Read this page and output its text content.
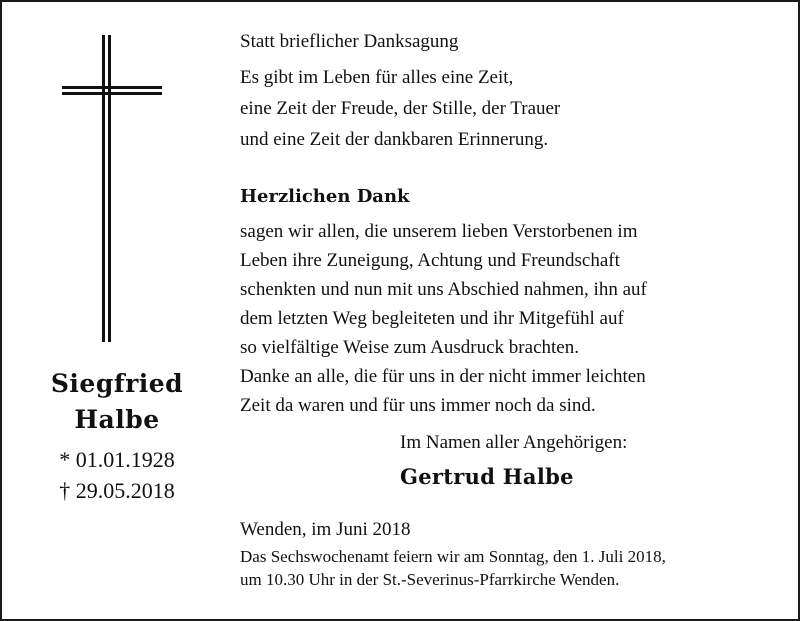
Siegfried
Halbe
* 01.01.1928
† 29.05.2018

Statt brieflicher Danksagung

Es gibt im Leben für alles eine Zeit,
eine Zeit der Freude, der Stille, der Trauer
und eine Zeit der dankbaren Erinnerung.

Herzlichen Dank

sagen wir allen, die unserem lieben Verstorbenen im
Leben ihre Zuneigung, Achtung und Freundschaft
schenkten und nun mit uns Abschied nahmen, ihn auf
dem letzten Weg begleiteten und ihr Mitgefühl auf
so vielfältige Weise zum Ausdruck brachten.
Danke an alle, die für uns in der nicht immer leichten
Zeit da waren und für uns immer noch da sind.

Im Namen aller Angehörigen:

Gertrud Halbe

Wenden, im Juni 2018

Das Sechswochenamt feiern wir am Sonntag, den 1. Juli 2018,
um 10.30 Uhr in der St.-Severinus-Pfarrkirche Wenden.
